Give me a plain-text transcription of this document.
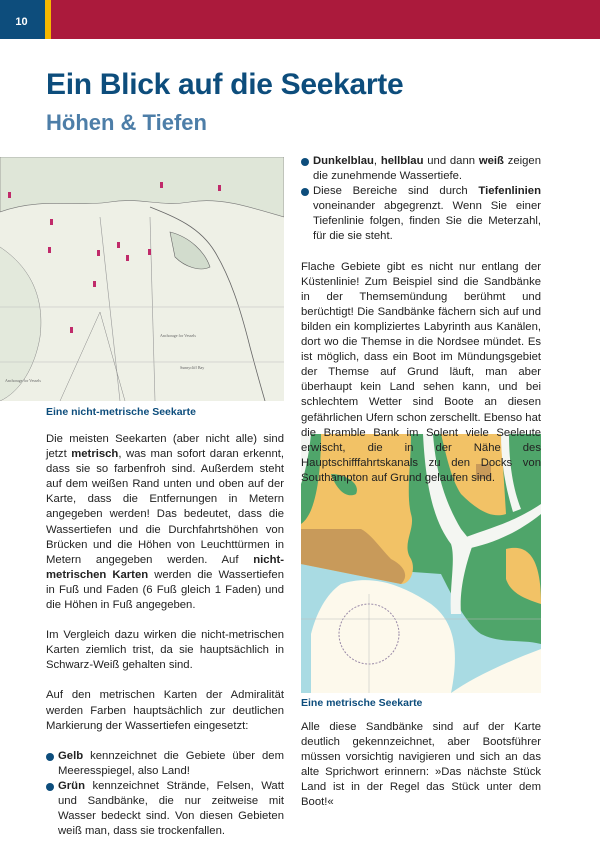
10
Ein Blick auf die Seekarte
Höhen & Tiefen
Anchorage for Vessels
Sunnycliff Bay
Anchorage for Vessels
Eine nicht-metrische Seekarte
Eine metrische Seekarte

Die meisten Seekarten (aber nicht alle) sind jetzt metrisch, was man sofort daran erkennt, dass sie so farbenfroh sind. Außerdem steht auf dem weißen Rand unten und oben auf der Karte, dass die Entfernungen in Metern angegeben werden! Das bedeutet, dass die Wassertiefen und die Durchfahrtshöhen von Brücken und die Höhen von Leuchttürmen in Metern angegeben werden. Auf nicht-metrischen Karten werden die Wassertiefen in Fuß und Faden (6 Fuß gleich 1 Faden) und die Höhen in Fuß angegeben.

Im Vergleich dazu wirken die nicht-metrischen Karten ziemlich trist, da sie hauptsächlich in Schwarz-Weiß gehalten sind.

Auf den metrischen Karten der Admiralität werden Farben hauptsächlich zur deutlichen Markierung der Wassertiefen eingesetzt:

Gelb kennzeichnet die Gebiete über dem Meeresspiegel, also Land!
Grün kennzeichnet Strände, Felsen, Watt und Sandbänke, die nur zeitweise mit Wasser bedeckt sind. Von diesen Gebieten weiß man, dass sie trockenfallen.
Dunkelblau, hellblau und dann weiß zeigen die zunehmende Wassertiefe.
Diese Bereiche sind durch Tiefenlinien voneinander abgegrenzt. Wenn Sie einer Tiefenlinie folgen, finden Sie die Meterzahl, für die sie steht.

Flache Gebiete gibt es nicht nur entlang der Küstenlinie! Zum Beispiel sind die Sandbänke in der Themsemündung berühmt und berüchtigt! Die Sandbänke fächern sich auf und bilden ein kompliziertes Labyrinth aus Kanälen, dort wo die Themse in die Nordsee mündet. Es ist möglich, dass ein Boot im Mündungsgebiet der Themse auf Grund läuft, man aber überhaupt kein Land sehen kann, und bei schlechtem Wetter sind Boote an diesen gefährlichen Ufern schon zerschellt. Ebenso hat die Bramble Bank im Solent viele Seeleute erwischt, die in der Nähe des Hauptschifffahrtskanals zu den Docks von Southampton auf Grund gelaufen sind.

Alle diese Sandbänke sind auf der Karte deutlich gekennzeichnet, aber Bootsführer müssen vorsichtig navigieren und sich an das alte Sprichwort erinnern: »Das nächste Stück Land ist in der Regel das Stück unter dem Boot!«
